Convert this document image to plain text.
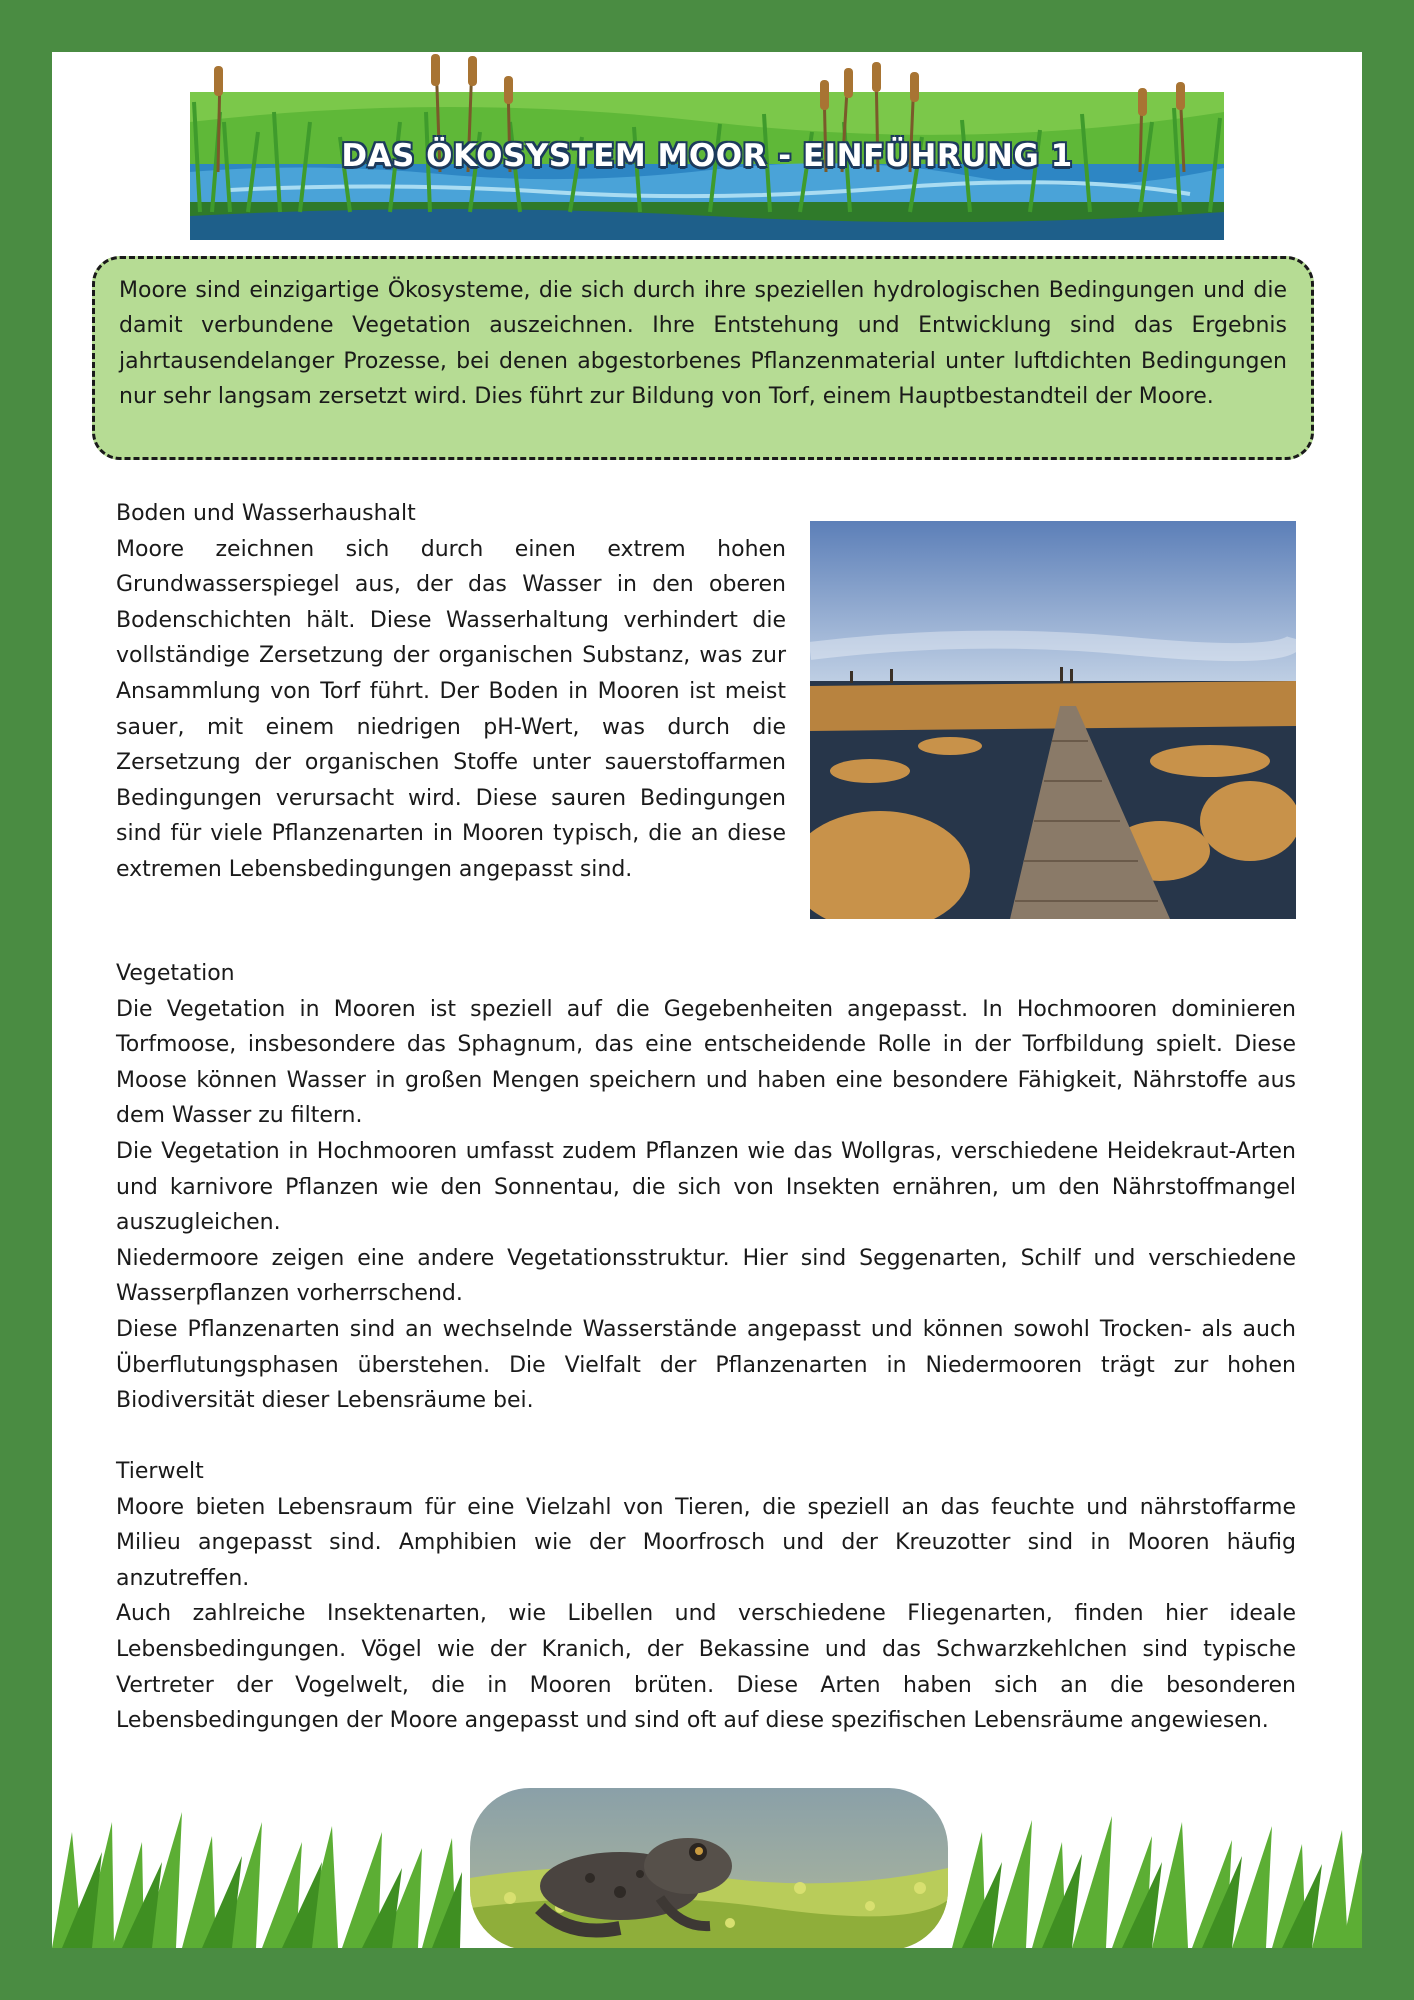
DAS ÖKOSYSTEM MOOR - EINFÜHRUNG 1

Moore sind einzigartige Ökosysteme, die sich durch ihre speziellen hydrologischen Bedingungen und die damit verbundene Vegetation auszeichnen. Ihre Entstehung und Entwicklung sind das Ergebnis jahrtausendelanger Prozesse, bei denen abgestorbenes Pflanzenmaterial unter luftdichten Bedingungen nur sehr langsam zersetzt wird. Dies führt zur Bildung von Torf, einem Hauptbestandteil der Moore.

Boden und Wasserhaushalt

Moore zeichnen sich durch einen extrem hohen Grundwasserspiegel aus, der das Wasser in den oberen Bodenschichten hält. Diese Wasserhaltung verhindert die vollständige Zersetzung der organischen Substanz, was zur Ansammlung von Torf führt. Der Boden in Mooren ist meist sauer, mit einem niedrigen pH-Wert, was durch die Zersetzung der organischen Stoffe unter sauerstoffarmen Bedingungen verursacht wird. Diese sauren Bedingungen sind für viele Pflanzenarten in Mooren typisch, die an diese extremen Lebensbedingungen angepasst sind.

Vegetation

Die Vegetation in Mooren ist speziell auf die Gegebenheiten angepasst. In Hochmooren dominieren Torfmoose, insbesondere das Sphagnum, das eine entscheidende Rolle in der Torfbildung spielt. Diese Moose können Wasser in großen Mengen speichern und haben eine besondere Fähigkeit, Nährstoffe aus dem Wasser zu filtern.

Die Vegetation in Hochmooren umfasst zudem Pflanzen wie das Wollgras, verschiedene Heidekraut-Arten und karnivore Pflanzen wie den Sonnentau, die sich von Insekten ernähren, um den Nährstoffmangel auszugleichen.

Niedermoore zeigen eine andere Vegetationsstruktur. Hier sind Seggenarten, Schilf und verschiedene Wasserpflanzen vorherrschend.

Diese Pflanzenarten sind an wechselnde Wasserstände angepasst und können sowohl Trocken- als auch Überflutungsphasen überstehen. Die Vielfalt der Pflanzenarten in Niedermooren trägt zur hohen Biodiversität dieser Lebensräume bei.

Tierwelt

Moore bieten Lebensraum für eine Vielzahl von Tieren, die speziell an das feuchte und nährstoffarme Milieu angepasst sind. Amphibien wie der Moorfrosch und der Kreuzotter sind in Mooren häufig anzutreffen.

Auch zahlreiche Insektenarten, wie Libellen und verschiedene Fliegenarten, finden hier ideale Lebensbedingungen. Vögel wie der Kranich, der Bekassine und das Schwarzkehlchen sind typische Vertreter der Vogelwelt, die in Mooren brüten. Diese Arten haben sich an die besonderen Lebensbedingungen der Moore angepasst und sind oft auf diese spezifischen Lebensräume angewiesen.
